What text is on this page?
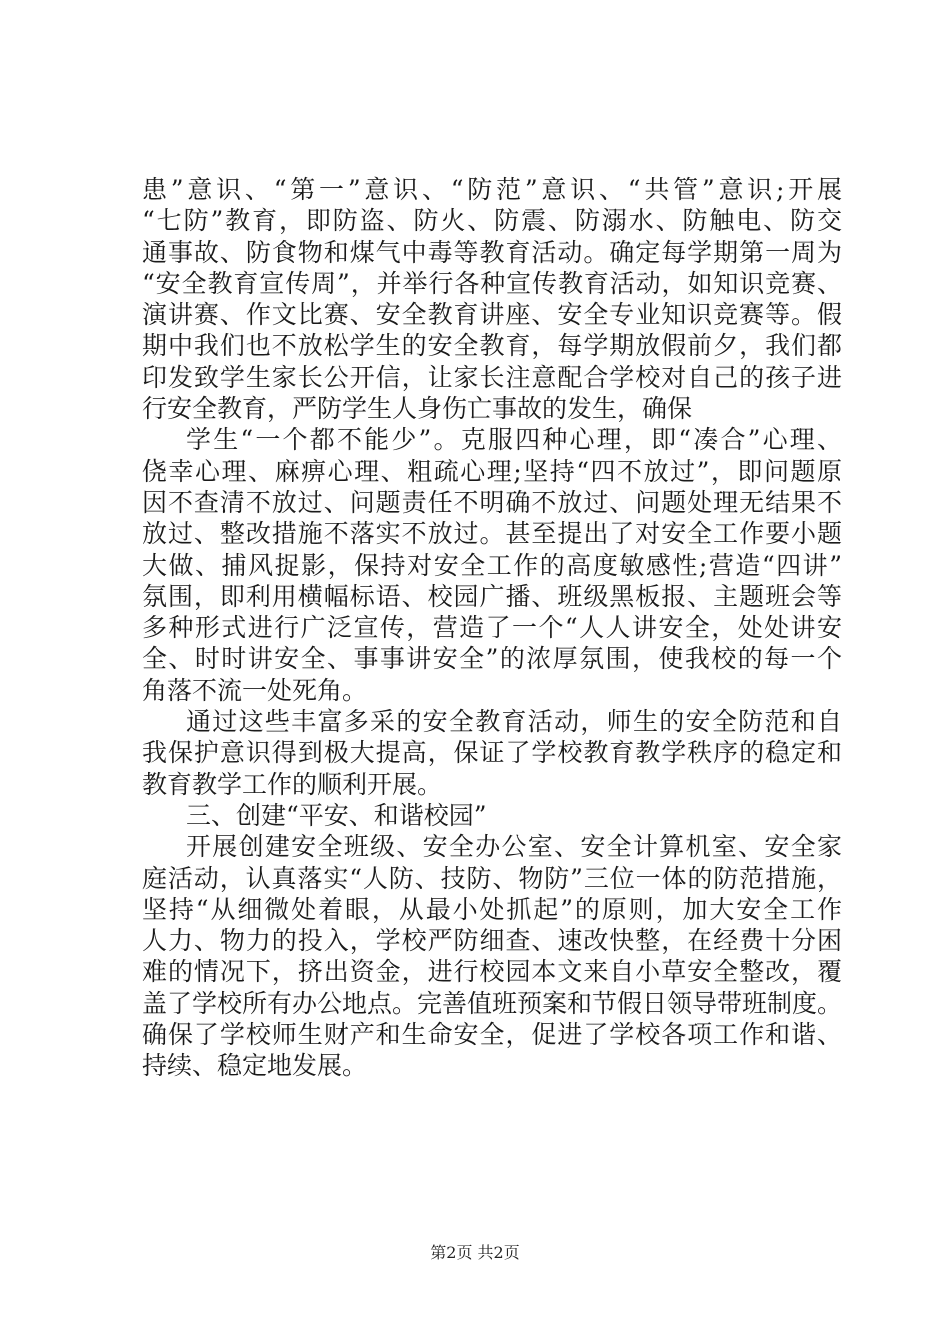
患”意识、“第一”意识、“防范”意识、“共管”意识;开展
“七防”教育，即防盗、防火、防震、防溺水、防触电、防交
通事故、防食物和煤气中毒等教育活动。确定每学期第一周为
“安全教育宣传周”，并举行各种宣传教育活动，如知识竞赛、
演讲赛、作文比赛、安全教育讲座、安全专业知识竞赛等。假
期中我们也不放松学生的安全教育，每学期放假前夕，我们都
印发致学生家长公开信，让家长注意配合学校对自己的孩子进
行安全教育，严防学生人身伤亡事故的发生，确保
学生“一个都不能少”。克服四种心理，即“凑合”心理、
侥幸心理、麻痹心理、粗疏心理;坚持“四不放过”，即问题原
因不查清不放过、问题责任不明确不放过、问题处理无结果不
放过、整改措施不落实不放过。甚至提出了对安全工作要小题
大做、捕风捉影，保持对安全工作的高度敏感性;营造“四讲”
氛围，即利用横幅标语、校园广播、班级黑板报、主题班会等
多种形式进行广泛宣传，营造了一个“人人讲安全，处处讲安
全、时时讲安全、事事讲安全”的浓厚氛围，使我校的每一个
角落不流一处死角。
通过这些丰富多采的安全教育活动，师生的安全防范和自
我保护意识得到极大提高，保证了学校教育教学秩序的稳定和
教育教学工作的顺利开展。
三、创建“平安、和谐校园”
开展创建安全班级、安全办公室、安全计算机室、安全家
庭活动，认真落实“人防、技防、物防”三位一体的防范措施，
坚持“从细微处着眼，从最小处抓起”的原则，加大安全工作
人力、物力的投入，学校严防细查、速改快整，在经费十分困
难的情况下，挤出资金，进行校园本文来自小草安全整改，覆
盖了学校所有办公地点。完善值班预案和节假日领导带班制度。
确保了学校师生财产和生命安全，促进了学校各项工作和谐、
持续、稳定地发展。
第2页 共2页
